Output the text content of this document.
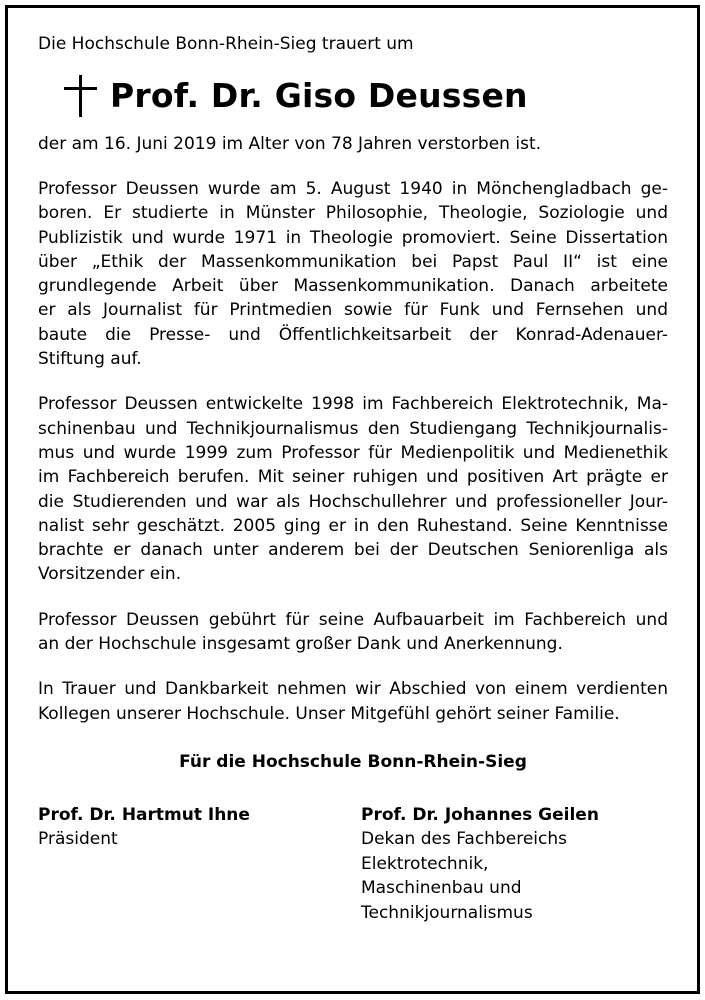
Die Hochschule Bonn-Rhein-Sieg trauert um

Prof. Dr. Giso Deussen

der am 16. Juni 2019 im Alter von 78 Jahren verstorben ist.

Professor Deussen wurde am 5. August 1940 in Mönchengladbach ge-
boren. Er studierte in Münster Philosophie, Theologie, Soziologie und
Publizistik und wurde 1971 in Theologie promoviert. Seine Dissertation
über „Ethik der Massenkommunikation bei Papst Paul II“ ist eine
grundlegende Arbeit über Massenkommunikation. Danach arbeitete
er als Journalist für Printmedien sowie für Funk und Fernsehen und
baute die Presse- und Öffentlichkeitsarbeit der Konrad-Adenauer-
Stiftung auf.

Professor Deussen entwickelte 1998 im Fachbereich Elektrotechnik, Ma-
schinenbau und Technikjournalismus den Studiengang Technikjournalis-
mus und wurde 1999 zum Professor für Medienpolitik und Medienethik
im Fachbereich berufen. Mit seiner ruhigen und positiven Art prägte er
die Studierenden und war als Hochschullehrer und professioneller Jour-
nalist sehr geschätzt. 2005 ging er in den Ruhestand. Seine Kenntnisse
brachte er danach unter anderem bei der Deutschen Seniorenliga als
Vorsitzender ein.

Professor Deussen gebührt für seine Aufbauarbeit im Fachbereich und
an der Hochschule insgesamt großer Dank und Anerkennung.

In Trauer und Dankbarkeit nehmen wir Abschied von einem verdienten
Kollegen unserer Hochschule. Unser Mitgefühl gehört seiner Familie.

Für die Hochschule Bonn-Rhein-Sieg
Prof. Dr. Hartmut Ihne
Präsident
Prof. Dr. Johannes Geilen
Dekan des Fachbereichs
Elektrotechnik,
Maschinenbau und
Technikjournalismus
